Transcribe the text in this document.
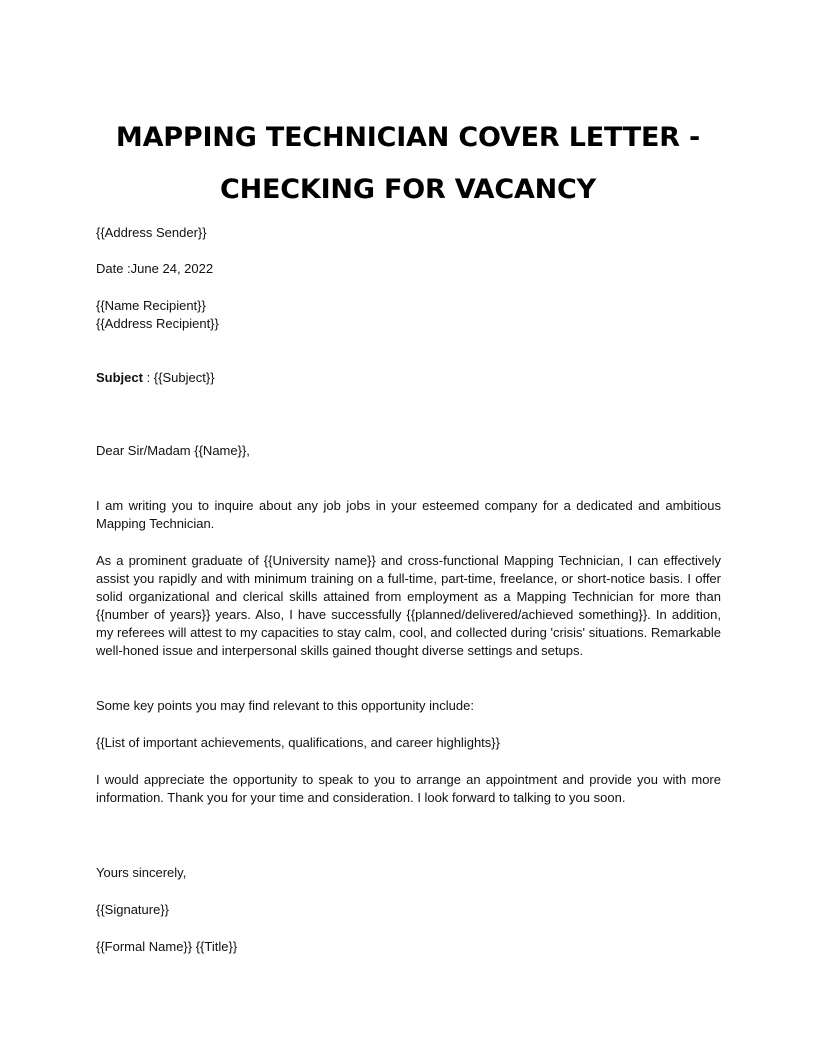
MAPPING TECHNICIAN COVER LETTER - CHECKING FOR VACANCY
{{Address Sender}}
Date :June 24, 2022
{{Name Recipient}}
{{Address Recipient}}
Subject : {{Subject}}
Dear Sir/Madam {{Name}},

I am writing you to inquire about any job jobs in your esteemed company for a dedicated and ambitious Mapping Technician.

As a prominent graduate of {{University name}} and cross-functional Mapping Technician, I can effectively assist you rapidly and with minimum training on a full-time, part-time, freelance, or short-notice basis. I offer solid organizational and clerical skills attained from employment as a Mapping Technician for more than {{number of years}} years. Also, I have successfully {{planned/delivered/achieved something}}. In addition, my referees will attest to my capacities to stay calm, cool, and collected during 'crisis' situations. Remarkable well-honed issue and interpersonal skills gained thought diverse settings and setups.

Some key points you may find relevant to this opportunity include:
{{List of important achievements, qualifications, and career highlights}}

I would appreciate the opportunity to speak to you to arrange an appointment and provide you with more information. Thank you for your time and consideration. I look forward to talking to you soon.

Yours sincerely,
{{Signature}}
{{Formal Name}} {{Title}}
